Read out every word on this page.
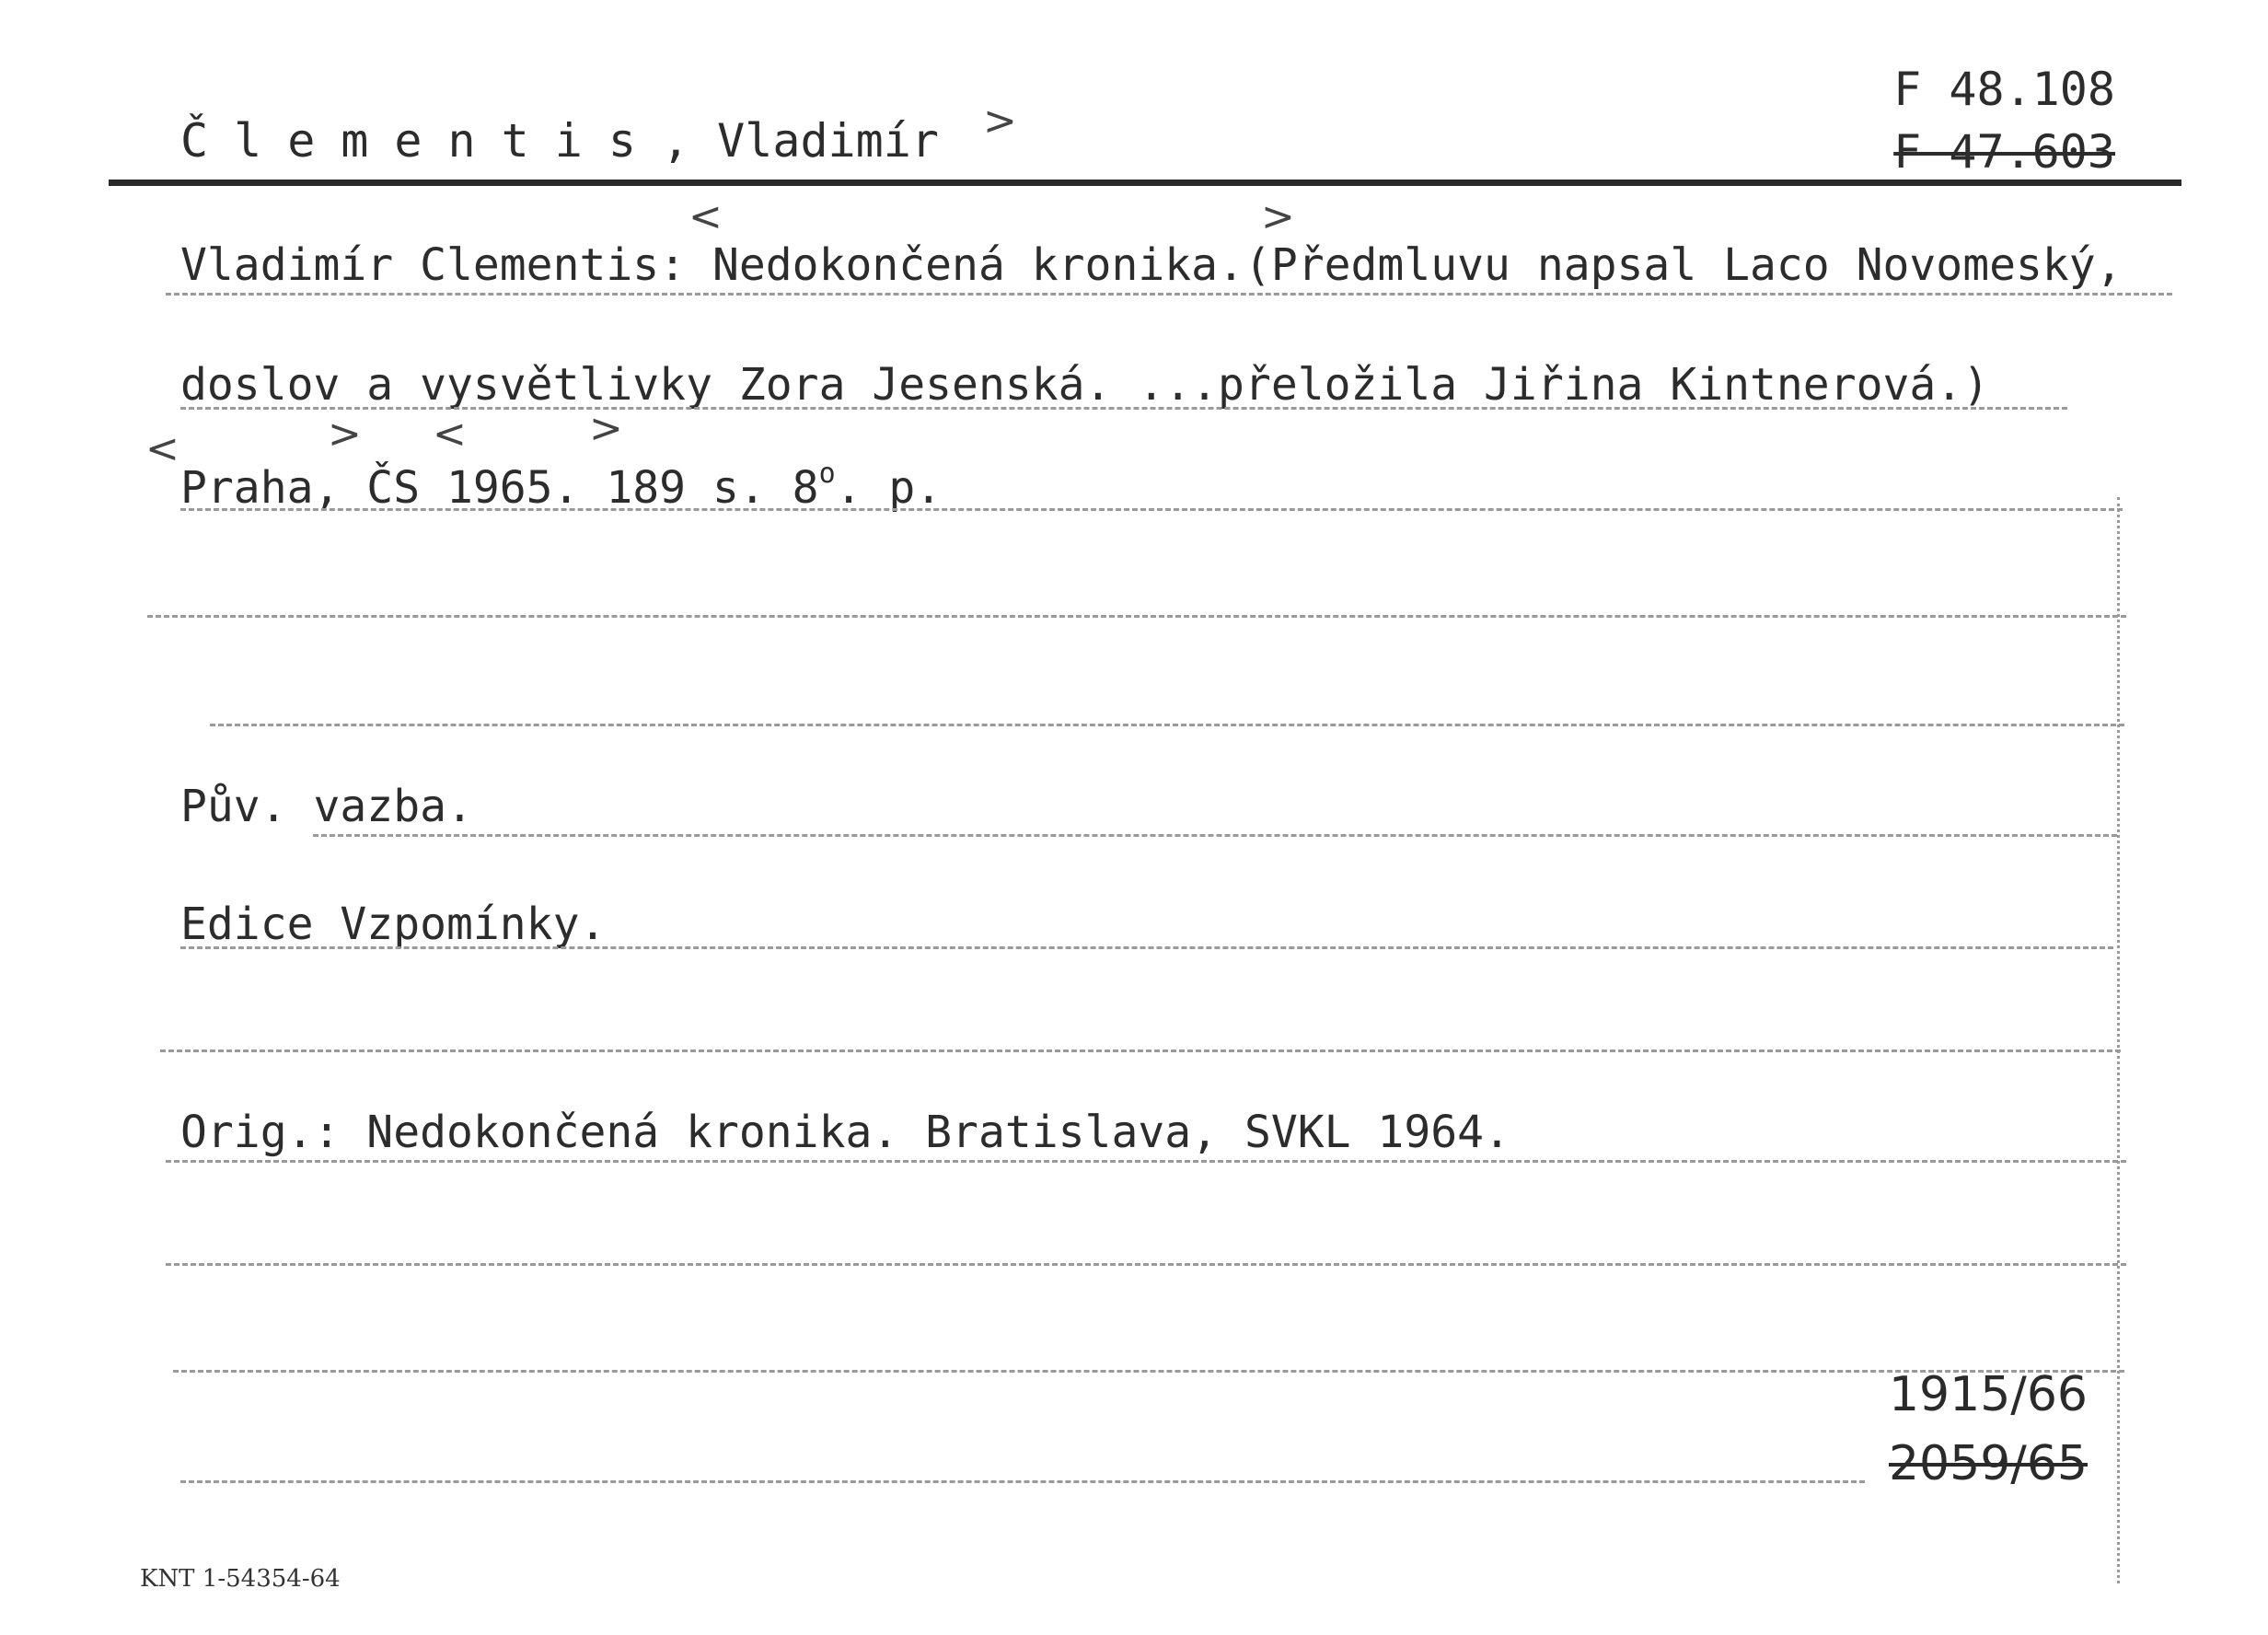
Člementis, Vladimír >
F 48.108
F 47.603
<	>
Vladimír Clementis: Nedokončená kronika.(Předmluvu napsal Laco Novomeský,
doslov a vysvětlivky Zora Jesenská. ...přeložila Jiřina Kintnerová.)
<	> <	>
Praha, ČS 1965. 189 s. 8$^o$. p.
Pův. vazba.
Edice Vzpomínky.
Orig.: Nedokončená kronika. Bratislava, SVKL 1964.
1915/66
2059/65
KNT 1-54354-64
